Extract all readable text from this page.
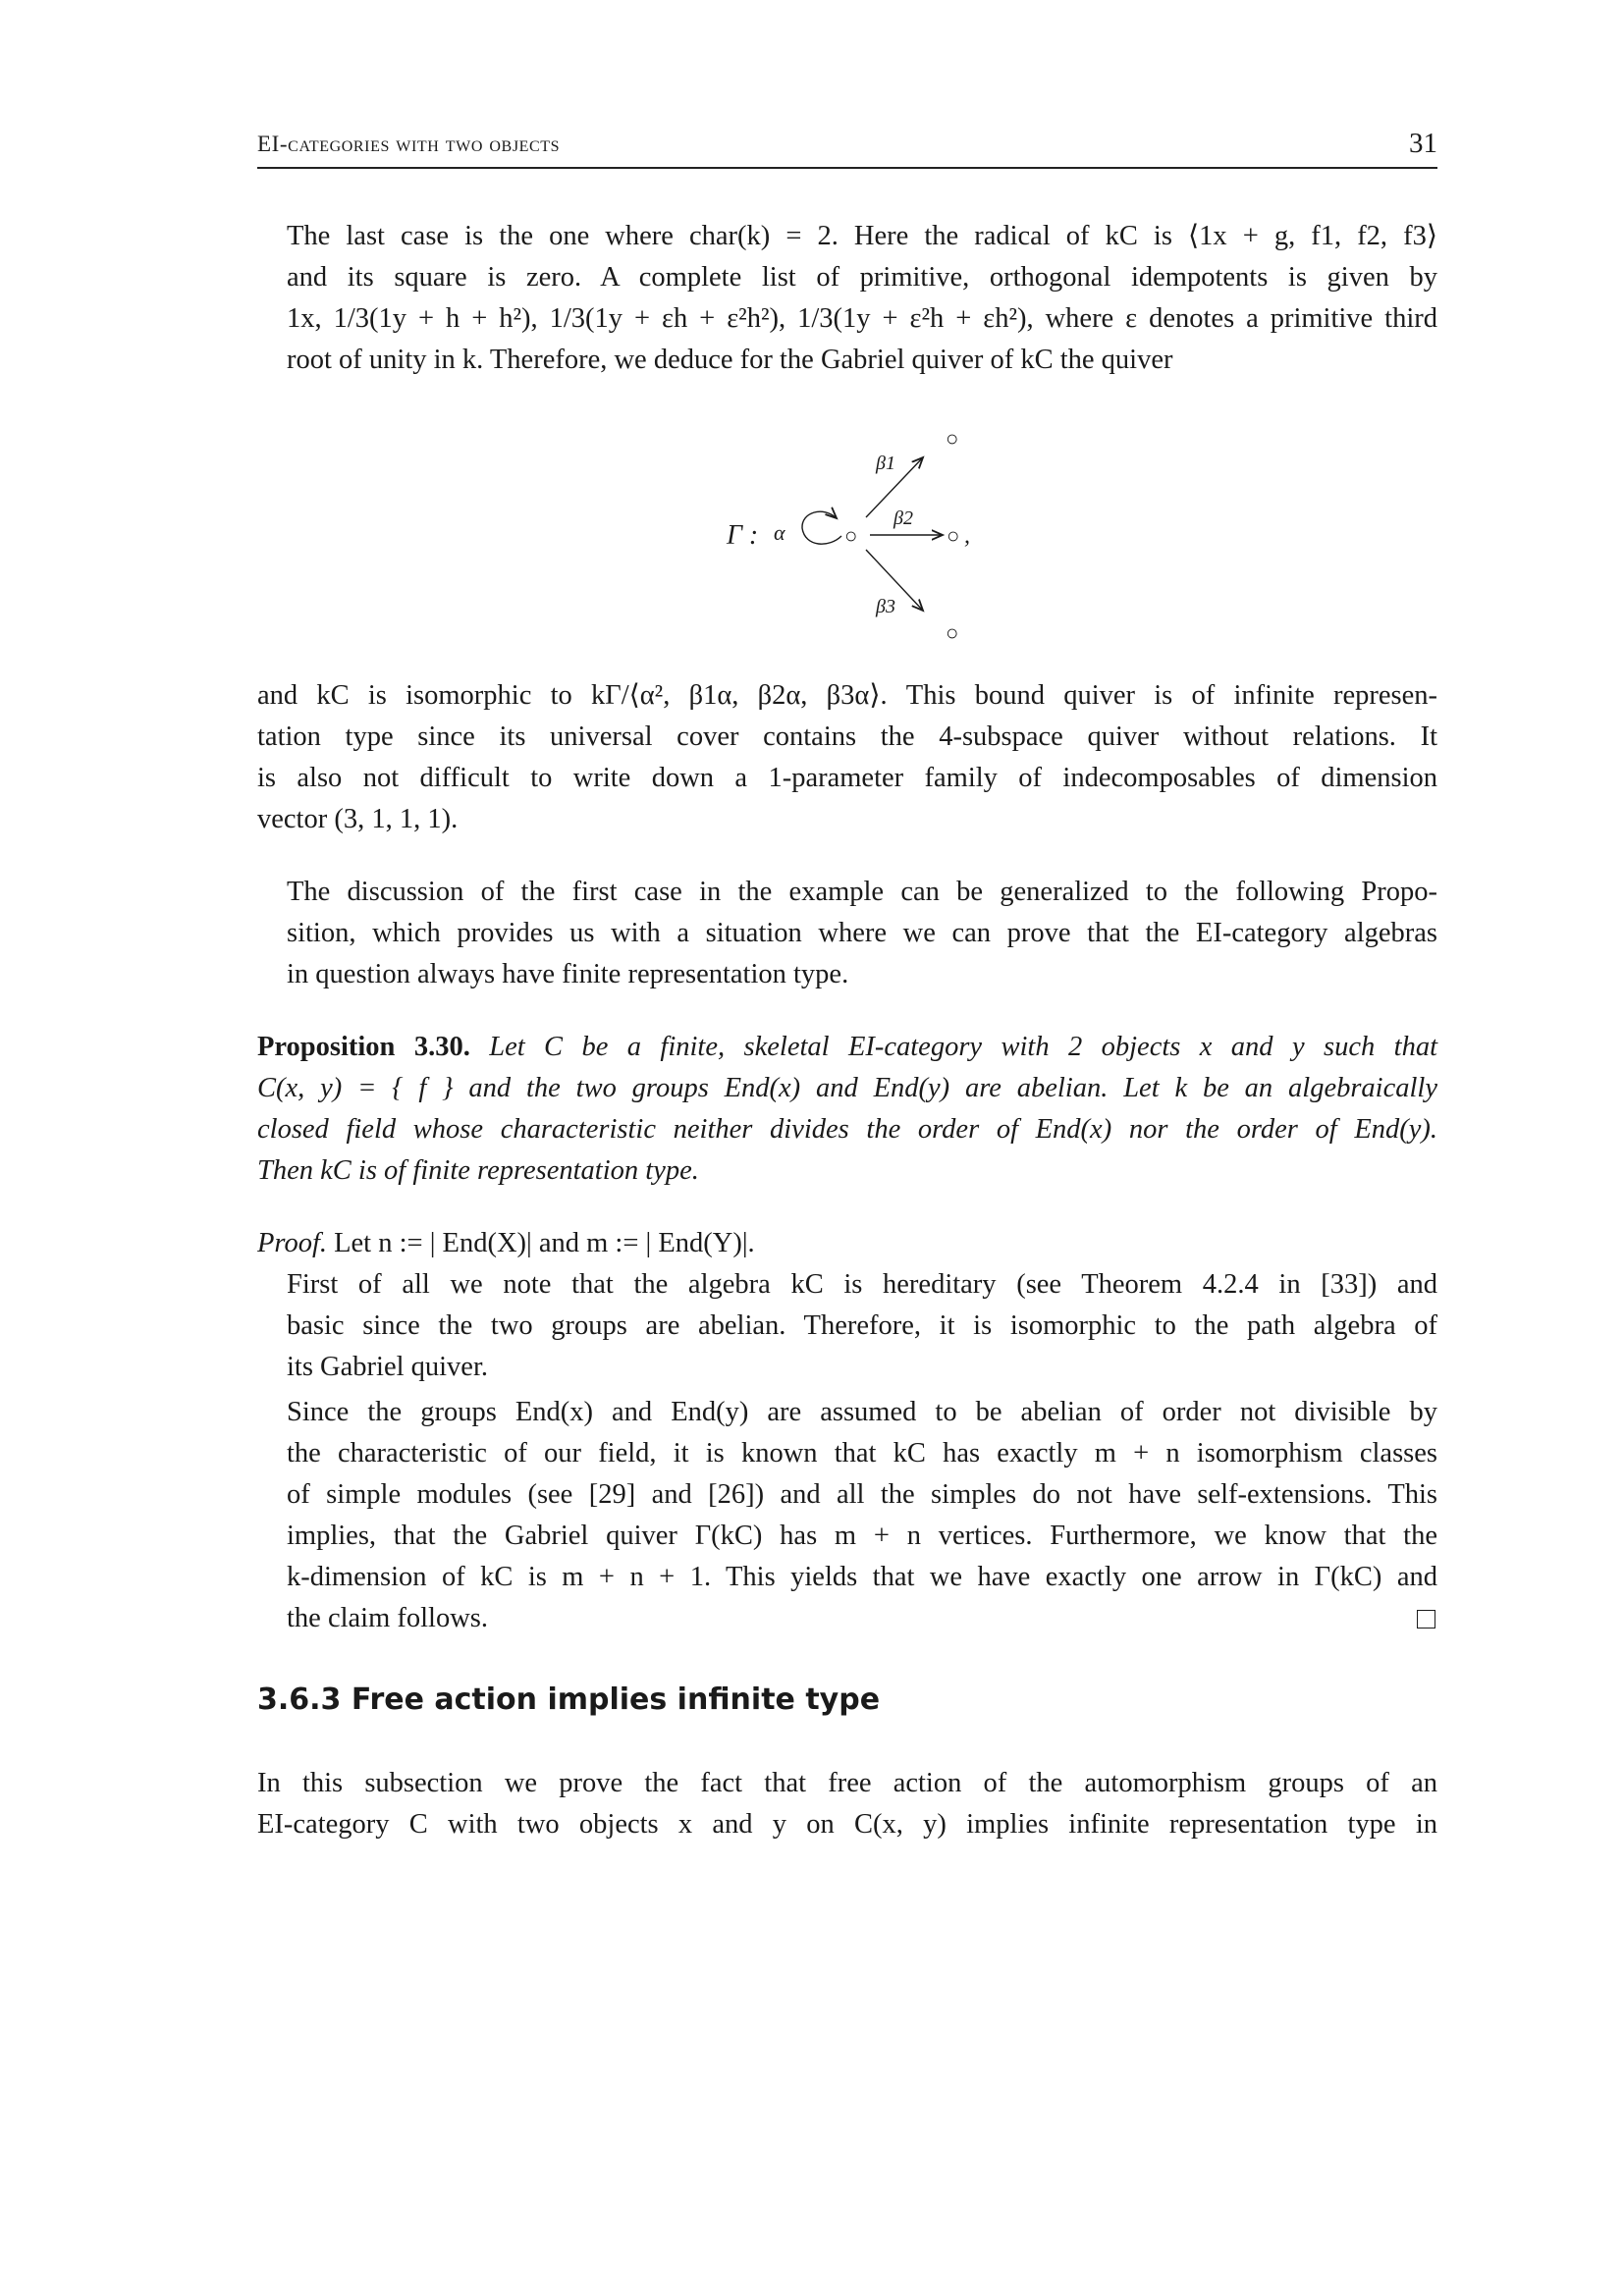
EI-categories with two objects	31
The last case is the one where char(k) = 2. Here the radical of kC is ⟨1x + g, f1, f2, f3⟩
and its square is zero. A complete list of primitive, orthogonal idempotents is given by
1x, 1/3(1y + h + h²), 1/3(1y + εh + ε²h²), 1/3(1y + ε²h + εh²), where ε denotes a primitive third
root of unity in k. Therefore, we deduce for the Gabriel quiver of kC the quiver
Γ : α	○
○
○ ,
○
β1
β2
β3
and kC is isomorphic to kΓ/⟨α², β1α, β2α, β3α⟩. This bound quiver is of infinite represen-
tation type since its universal cover contains the 4-subspace quiver without relations. It
is also not difficult to write down a 1-parameter family of indecomposables of dimension
vector (3, 1, 1, 1).
The discussion of the first case in the example can be generalized to the following Propo-
sition, which provides us with a situation where we can prove that the EI-category algebras
in question always have finite representation type.
Proposition 3.30. Let C be a finite, skeletal EI-category with 2 objects x and y such that
C(x, y) = { f } and the two groups End(x) and End(y) are abelian. Let k be an algebraically
closed field whose characteristic neither divides the order of End(x) nor the order of End(y).
Then kC is of finite representation type.
Proof. Let n := | End(X)| and m := | End(Y)|.
First of all we note that the algebra kC is hereditary (see Theorem 4.2.4 in [33]) and
basic since the two groups are abelian. Therefore, it is isomorphic to the path algebra of
its Gabriel quiver.
Since the groups End(x) and End(y) are assumed to be abelian of order not divisible by
the characteristic of our field, it is known that kC has exactly m + n isomorphism classes
of simple modules (see [29] and [26]) and all the simples do not have self-extensions. This
implies, that the Gabriel quiver Γ(kC) has m + n vertices. Furthermore, we know that the
k-dimension of kC is m + n + 1. This yields that we have exactly one arrow in Γ(kC) and
the claim follows.
3.6.3 Free action implies infinite type
In this subsection we prove the fact that free action of the automorphism groups of an
EI-category C with two objects x and y on C(x, y) implies infinite representation type in
